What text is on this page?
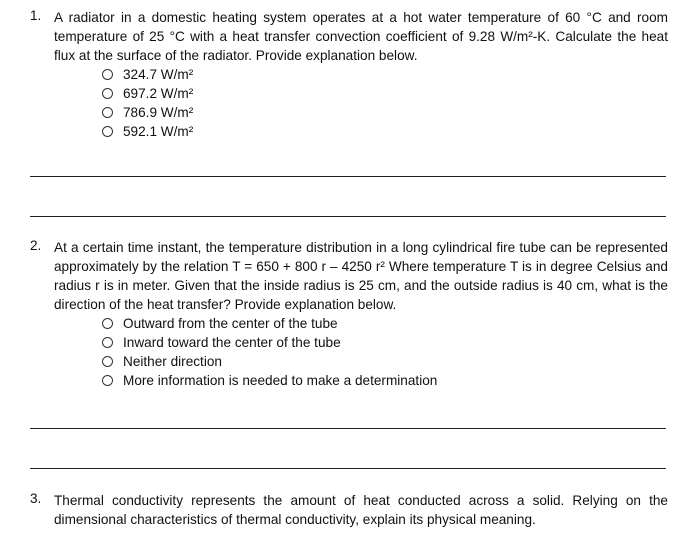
1. A radiator in a domestic heating system operates at a hot water temperature of 60 °C and room temperature of 25 °C with a heat transfer convection coefficient of 9.28 W/m²-K. Calculate the heat flux at the surface of the radiator. Provide explanation below.
324.7 W/m²
697.2 W/m²
786.9 W/m²
592.1 W/m²
2. At a certain time instant, the temperature distribution in a long cylindrical fire tube can be represented approximately by the relation T = 650 + 800 r – 4250 r² Where temperature T is in degree Celsius and radius r is in meter. Given that the inside radius is 25 cm, and the outside radius is 40 cm, what is the direction of the heat transfer? Provide explanation below.
Outward from the center of the tube
Inward toward the center of the tube
Neither direction
More information is needed to make a determination
3. Thermal conductivity represents the amount of heat conducted across a solid. Relying on the dimensional characteristics of thermal conductivity, explain its physical meaning.
